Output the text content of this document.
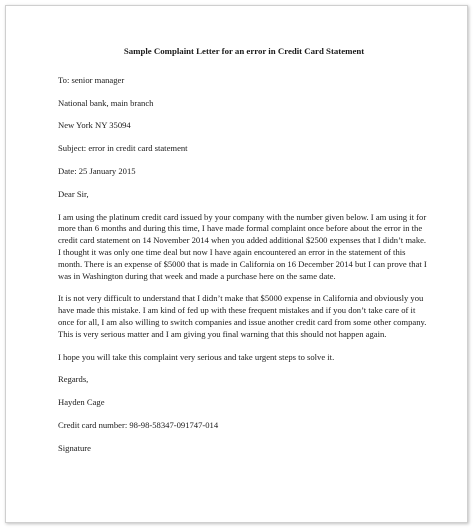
Sample Complaint Letter for an error in Credit Card Statement
To: senior manager
National bank, main branch
New York NY 35094
Subject: error in credit card statement
Date: 25 January 2015
Dear Sir,
I am using the platinum credit card issued by your company with the number given below. I am using it for more than 6 months and during this time, I have made formal complaint once before about the error in the credit card statement on 14 November 2014 when you added additional $2500 expenses that I didn’t make. I thought it was only one time deal but now I have again encountered an error in the statement of this month. There is an expense of $5000 that is made in California on 16 December 2014 but I can prove that I was in Washington during that week and made a purchase here on the same date.
It is not very difficult to understand that I didn’t make that $5000 expense in California and obviously you have made this mistake. I am kind of fed up with these frequent mistakes and if you don’t take care of it once for all, I am also willing to switch companies and issue another credit card from some other company. This is very serious matter and I am giving you final warning that this should not happen again.
I hope you will take this complaint very serious and take urgent steps to solve it.
Regards,
Hayden Cage
Credit card number: 98-98-58347-091747-014
Signature
